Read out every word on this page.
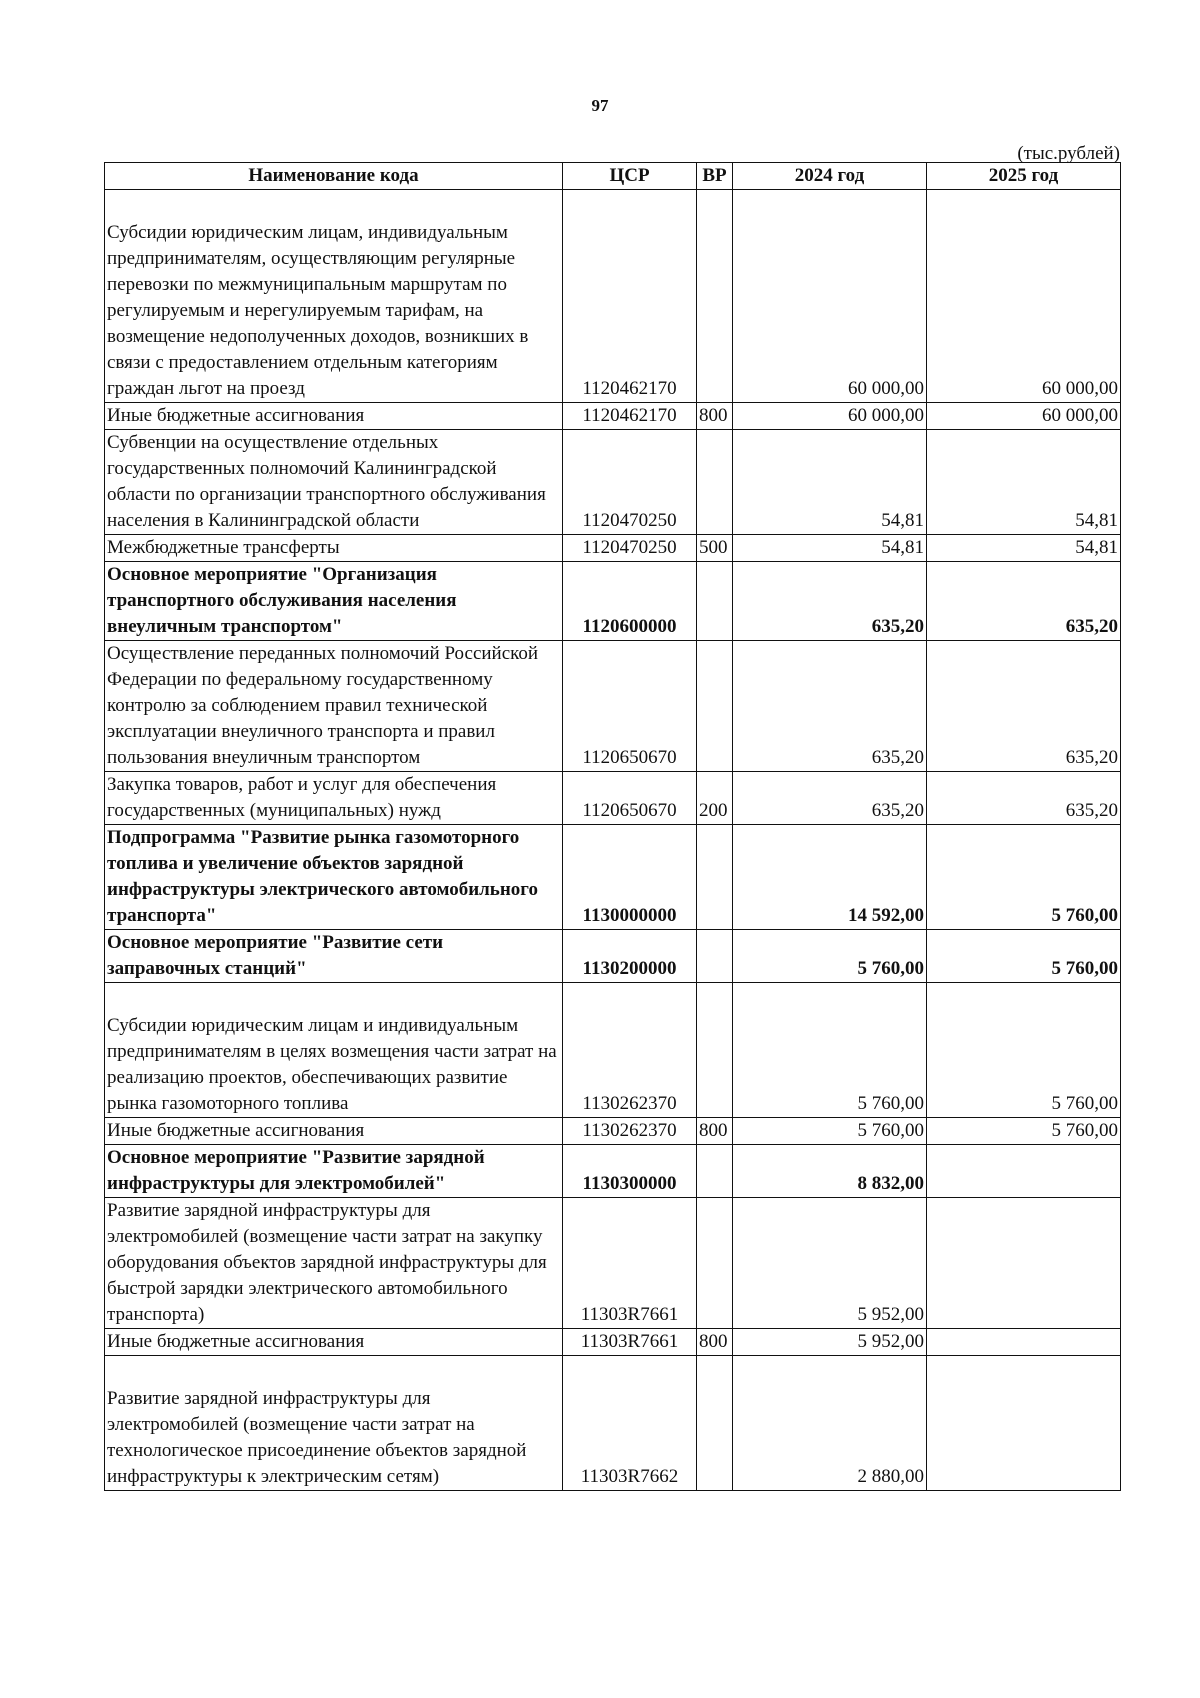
97
(тыс.рублей)
Наименование кода	ЦСР	ВР	2024 год	2025 год
Субсидии юридическим лицам, индивидуальным предпринимателям, осуществляющим регулярные перевозки по межмуниципальным маршрутам по регулируемым и нерегулируемым тарифам, на возмещение недополученных доходов, возникших в связи с предоставлением отдельным категориям граждан льгот на проезд	1120462170		60 000,00	60 000,00
Иные бюджетные ассигнования	1120462170	800	60 000,00	60 000,00
Субвенции на осуществление отдельных государственных полномочий Калининградской области по организации транспортного обслуживания населения в Калининградской области	1120470250		54,81	54,81
Межбюджетные трансферты	1120470250	500	54,81	54,81
Основное мероприятие "Организация транспортного обслуживания населения внеуличным транспортом"	1120600000		635,20	635,20
Осуществление переданных полномочий Российской Федерации по федеральному государственному контролю за соблюдением правил технической эксплуатации внеуличного транспорта и правил пользования внеуличным транспортом	1120650670		635,20	635,20
Закупка товаров, работ и услуг для обеспечения государственных (муниципальных) нужд	1120650670	200	635,20	635,20
Подпрограмма "Развитие рынка газомоторного топлива и увеличение объектов зарядной инфраструктуры электрического автомобильного транспорта"	1130000000		14 592,00	5 760,00
Основное мероприятие "Развитие сети заправочных станций"	1130200000		5 760,00	5 760,00
Субсидии юридическим лицам и индивидуальным предпринимателям в целях возмещения части затрат на реализацию проектов, обеспечивающих развитие рынка газомоторного топлива	1130262370		5 760,00	5 760,00
Иные бюджетные ассигнования	1130262370	800	5 760,00	5 760,00
Основное мероприятие "Развитие зарядной инфраструктуры для электромобилей"	1130300000		8 832,00	
Развитие зарядной инфраструктуры для электромобилей (возмещение части затрат на закупку оборудования объектов зарядной инфраструктуры для быстрой зарядки электрического автомобильного транспорта)	11303R7661		5 952,00	
Иные бюджетные ассигнования	11303R7661	800	5 952,00	
Развитие зарядной инфраструктуры для электромобилей (возмещение части затрат на технологическое присоединение объектов зарядной инфраструктуры к электрическим сетям)	11303R7662		2 880,00	
